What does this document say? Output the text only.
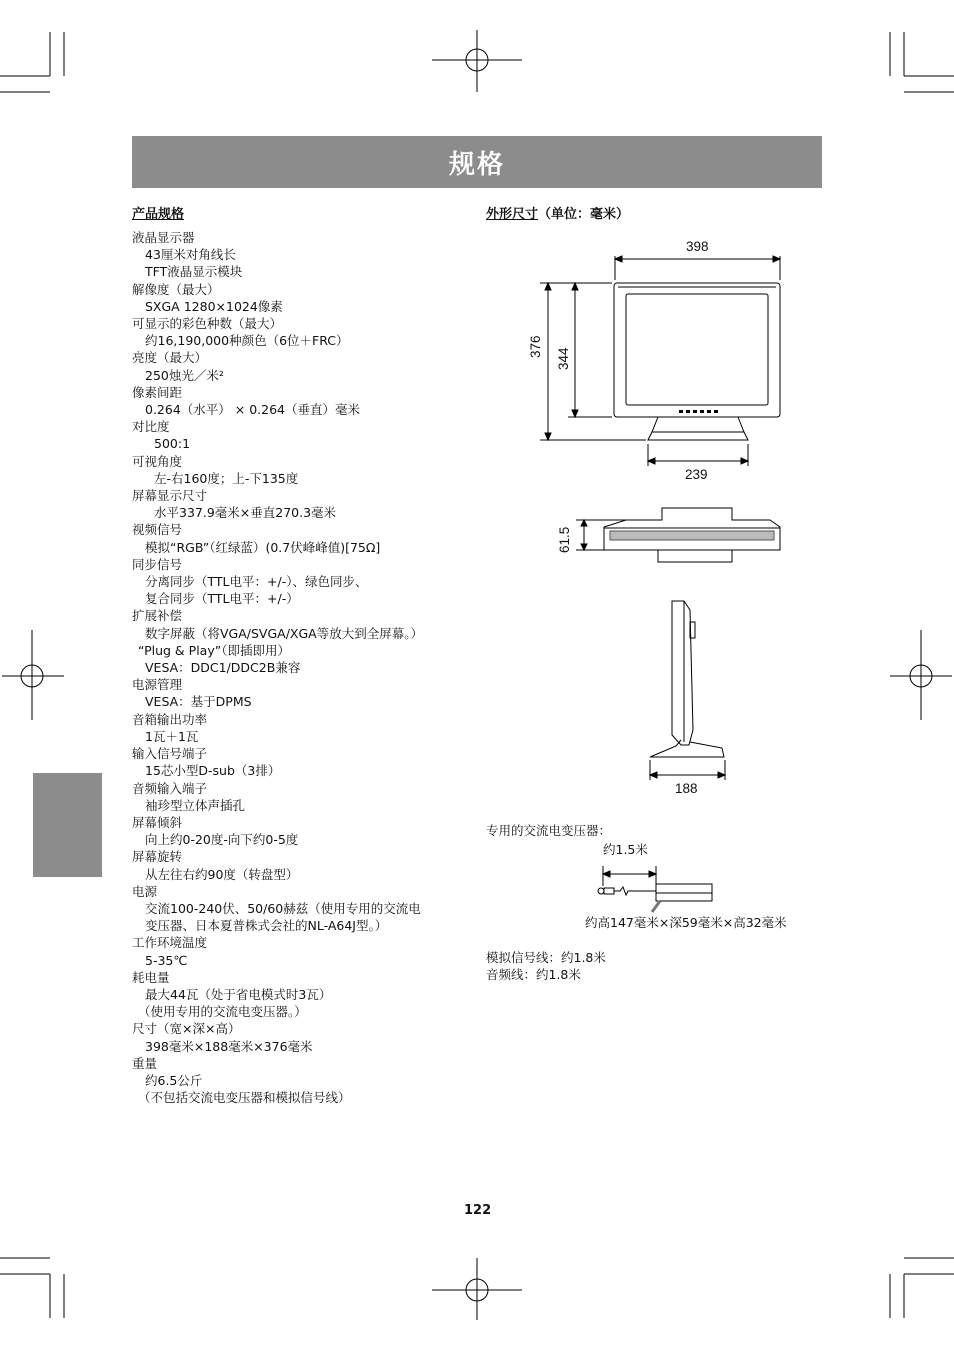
规格
产品规格
液晶显示器
43厘米对角线长
TFT液晶显示模块
解像度（最大）
SXGA 1280×1024像素
可显示的彩色种数（最大）
约16,190,000种颜色（6位＋FRC）
亮度（最大）
250烛光／米²
像素间距
0.264（水平） × 0.264（垂直）毫米
对比度
500:1
可视角度
左-右160度；上-下135度
屏幕显示尺寸
水平337.9毫米×垂直270.3毫米
视频信号
模拟“RGB”（红绿蓝）(0.7伏峰峰值)[75Ω]
同步信号
分离同步（TTL电平：+/-）、绿色同步、
复合同步（TTL电平：+/-）
扩展补偿
数字屏蔽（将VGA/SVGA/XGA等放大到全屏幕。）
“Plug & Play”（即插即用）
VESA：DDC1/DDC2B兼容
电源管理
VESA：基于DPMS
音箱输出功率
1瓦＋1瓦
输入信号端子
15芯小型D-sub（3排）
音频输入端子
袖珍型立体声插孔
屏幕倾斜
向上约0-20度-向下约0-5度
屏幕旋转
从左往右约90度（转盘型）
电源
交流100-240伏、50/60赫兹（使用专用的交流电
变压器、日本夏普株式会社的NL-A64J型。）
工作环境温度
5-35℃
耗电量
最大44瓦（处于省电模式时3瓦）
（使用专用的交流电变压器。）
尺寸（宽×深×高）
398毫米×188毫米×376毫米
重量
约6.5公斤
（不包括交流电变压器和模拟信号线）
外形尺寸（单位：毫米）
398
376
344
239
61.5
188
专用的交流电变压器：
约1.5米
约高147毫米×深59毫米×高32毫米
模拟信号线：约1.8米
音频线：约1.8米
122
